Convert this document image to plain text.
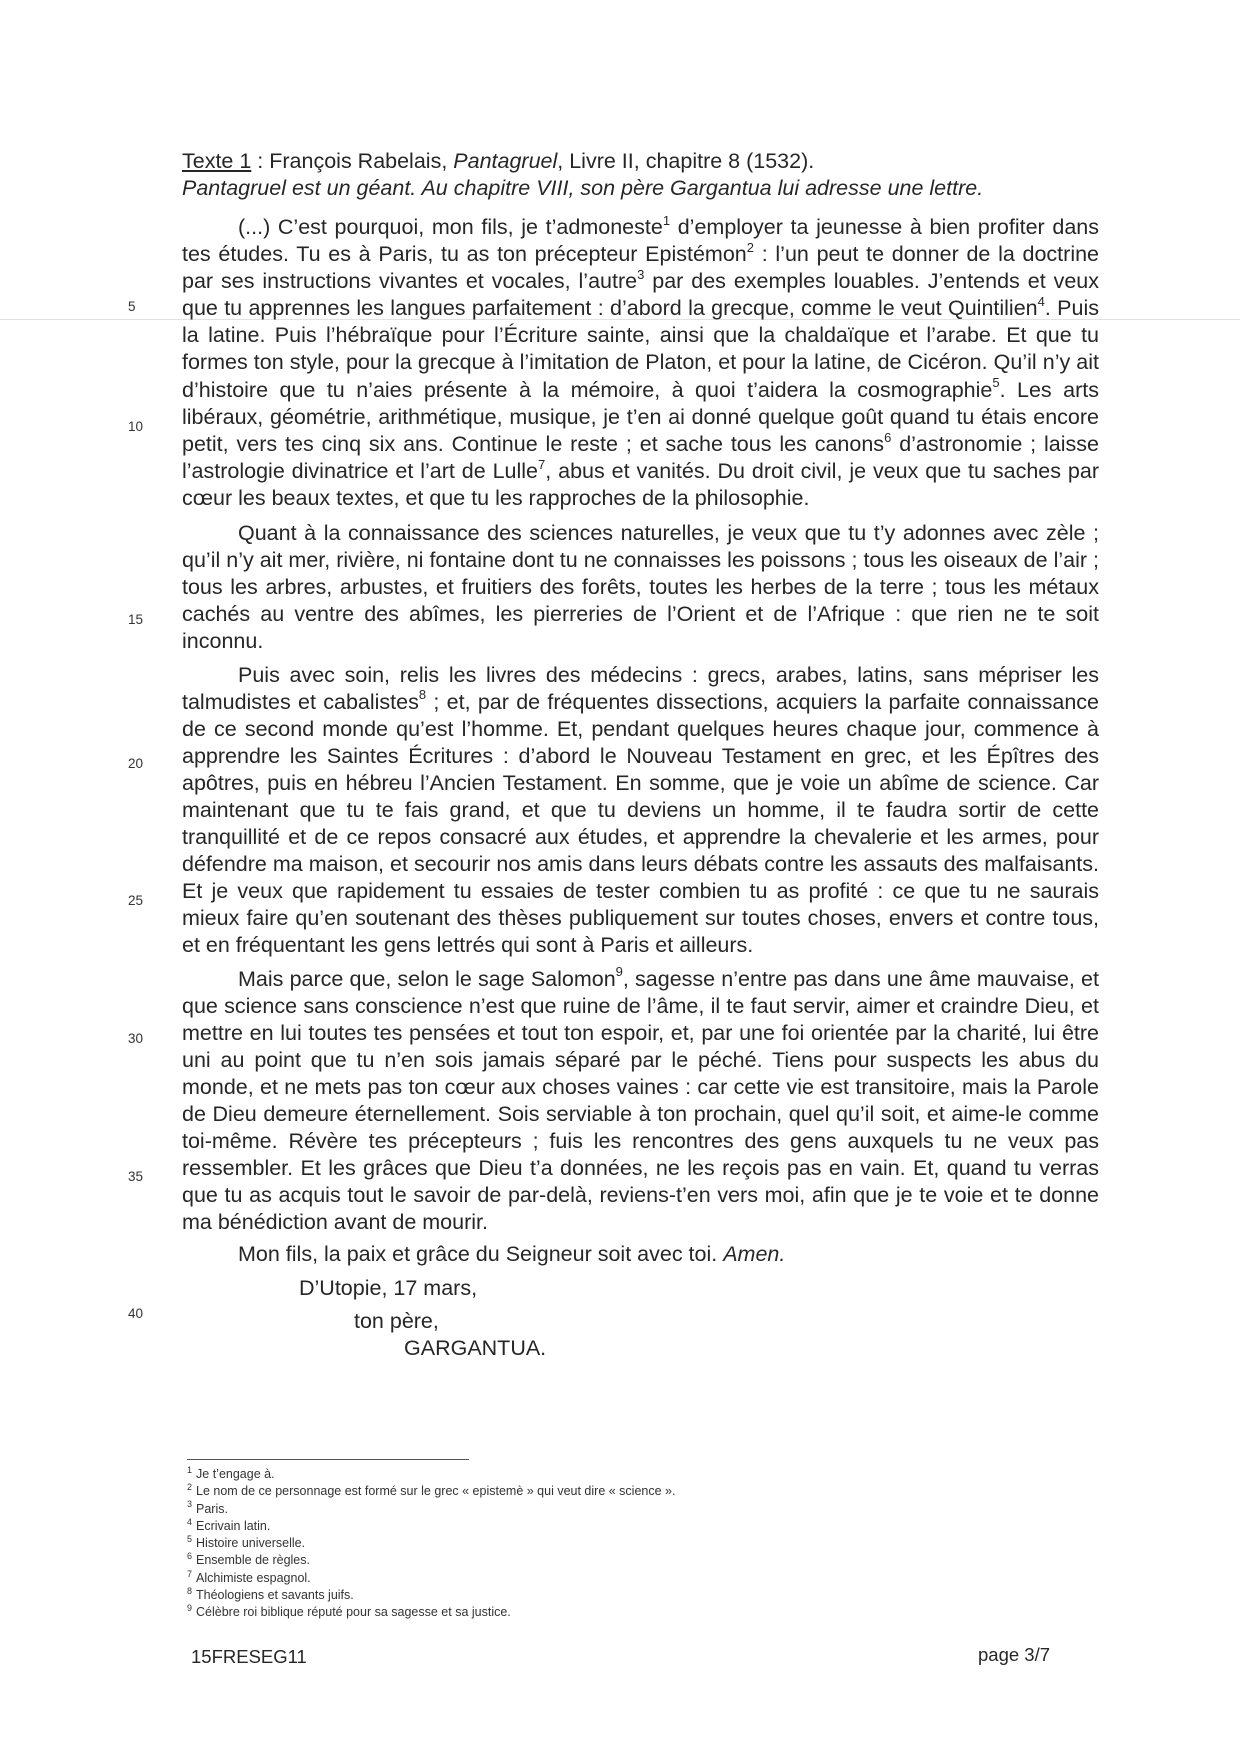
Texte 1 : François Rabelais, Pantagruel, Livre II, chapitre 8 (1532).
Pantagruel est un géant. Au chapitre VIII, son père Gargantua lui adresse une lettre.

(...) C’est pourquoi, mon fils, je t’admoneste$^1$ d’employer ta jeunesse à bien profiter dans tes études. Tu es à Paris, tu as ton précepteur Epistémon$^2$ : l’un peut te donner de la doctrine par ses instructions vivantes et vocales, l’autre$^3$ par des exemples louables. J’entends et veux que tu apprennes les langues parfaitement : d’abord la grecque, comme le veut Quintilien$^4$. Puis la latine. Puis l’hébraïque pour l’Écriture sainte, ainsi que la chaldaïque et l’arabe. Et que tu formes ton style, pour la grecque à l’imitation de Platon, et pour la latine, de Cicéron. Qu’il n’y ait d’histoire que tu n’aies présente à la mémoire, à quoi t’aidera la cosmographie$^5$. Les arts libéraux, géométrie, arithmétique, musique, je t’en ai donné quelque goût quand tu étais encore petit, vers tes cinq six ans. Continue le reste ; et sache tous les canons$^6$ d’astronomie ; laisse l’astrologie divinatrice et l’art de Lulle$^7$, abus et vanités. Du droit civil, je veux que tu saches par cœur les beaux textes, et que tu les rapproches de la philosophie.

Quant à la connaissance des sciences naturelles, je veux que tu t’y adonnes avec zèle ; qu’il n’y ait mer, rivière, ni fontaine dont tu ne connaisses les poissons ; tous les oiseaux de l’air ; tous les arbres, arbustes, et fruitiers des forêts, toutes les herbes de la terre ; tous les métaux cachés au ventre des abîmes, les pierreries de l’Orient et de l’Afrique : que rien ne te soit inconnu.

Puis avec soin, relis les livres des médecins : grecs, arabes, latins, sans mépriser les talmudistes et cabalistes$^8$ ; et, par de fréquentes dissections, acquiers la parfaite connaissance de ce second monde qu’est l’homme. Et, pendant quelques heures chaque jour, commence à apprendre les Saintes Écritures : d’abord le Nouveau Testament en grec, et les Épîtres des apôtres, puis en hébreu l’Ancien Testament. En somme, que je voie un abîme de science. Car maintenant que tu te fais grand, et que tu deviens un homme, il te faudra sortir de cette tranquillité et de ce repos consacré aux études, et apprendre la chevalerie et les armes, pour défendre ma maison, et secourir nos amis dans leurs débats contre les assauts des malfaisants. Et je veux que rapidement tu essaies de tester combien tu as profité : ce que tu ne saurais mieux faire qu’en soutenant des thèses publiquement sur toutes choses, envers et contre tous, et en fréquentant les gens lettrés qui sont à Paris et ailleurs.

Mais parce que, selon le sage Salomon$^9$, sagesse n’entre pas dans une âme mauvaise, et que science sans conscience n’est que ruine de l’âme, il te faut servir, aimer et craindre Dieu, et mettre en lui toutes tes pensées et tout ton espoir, et, par une foi orientée par la charité, lui être uni au point que tu n’en sois jamais séparé par le péché. Tiens pour suspects les abus du monde, et ne mets pas ton cœur aux choses vaines : car cette vie est transitoire, mais la Parole de Dieu demeure éternellement. Sois serviable à ton prochain, quel qu’il soit, et aime-le comme toi-même. Révère tes précepteurs ; fuis les rencontres des gens auxquels tu ne veux pas ressembler. Et les grâces que Dieu t’a données, ne les reçois pas en vain. Et, quand tu verras que tu as acquis tout le savoir de par-delà, reviens-t’en vers moi, afin que je te voie et te donne ma bénédiction avant de mourir.

Mon fils, la paix et grâce du Seigneur soit avec toi. Amen.

D’Utopie, 17 mars,

ton père,

GARGANTUA.

5
10
15
20
25
30
35
40
$^1$ Je t’engage à.
$^2$ Le nom de ce personnage est formé sur le grec « epistemè » qui veut dire « science ».
$^3$ Paris.
$^4$ Ecrivain latin.
$^5$ Histoire universelle.
$^6$ Ensemble de règles.
$^7$ Alchimiste espagnol.
$^8$ Théologiens et savants juifs.
$^9$ Célèbre roi biblique réputé pour sa sagesse et sa justice.
15FRESEG11	page 3/7
